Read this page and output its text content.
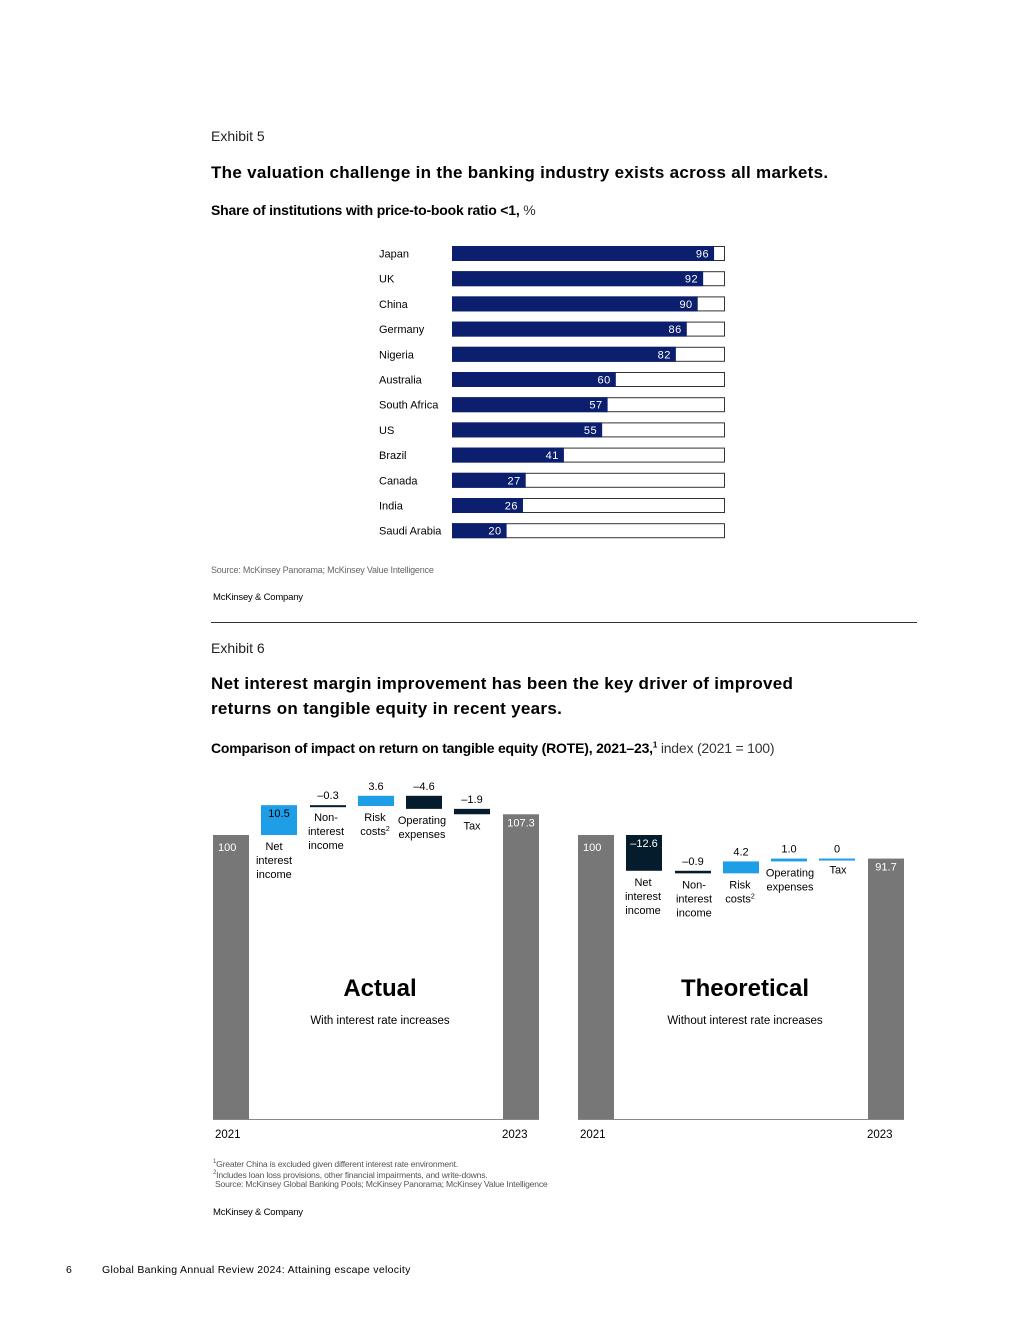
Exhibit 5
The valuation challenge in the banking industry exists across all markets.
Share of institutions with price-to-book ratio <1, %
Japan	96
UK	92
China	90
Germany	86
Nigeria	82
Australia	60
South Africa	57
US	55
Brazil	41
Canada	27
India	26
Saudi Arabia	20
Source: McKinsey Panorama; McKinsey Value Intelligence
McKinsey & Company
Exhibit 6
Net interest margin improvement has been the key driver of improved
returns on tangible equity in recent years.
Comparison of impact on return on tangible equity (ROTE), 2021–23,$^1$ index (2021 = 100)
100
2021
107.3
2023
10.5
Net
interest
income
–0.3
Non-
interest
income
3.6
Risk
costs$^2$
–4.6
Operating
expenses
–1.9
Tax
Actual
With interest rate increases
100
2021
91.7
2023
–12.6
Net
interest
income
–0.9
Non-
interest
income
4.2
Risk
costs$^2$
1.0
Operating
expenses
0
Tax
Theoretical
Without interest rate increases
$^1$Greater China is excluded given different interest rate environment.
$^2$Includes loan loss provisions, other financial impairments, and write-downs.
Source: McKinsey Global Banking Pools; McKinsey Panorama; McKinsey Value Intelligence
McKinsey & Company
6	Global Banking Annual Review 2024: Attaining escape velocity
